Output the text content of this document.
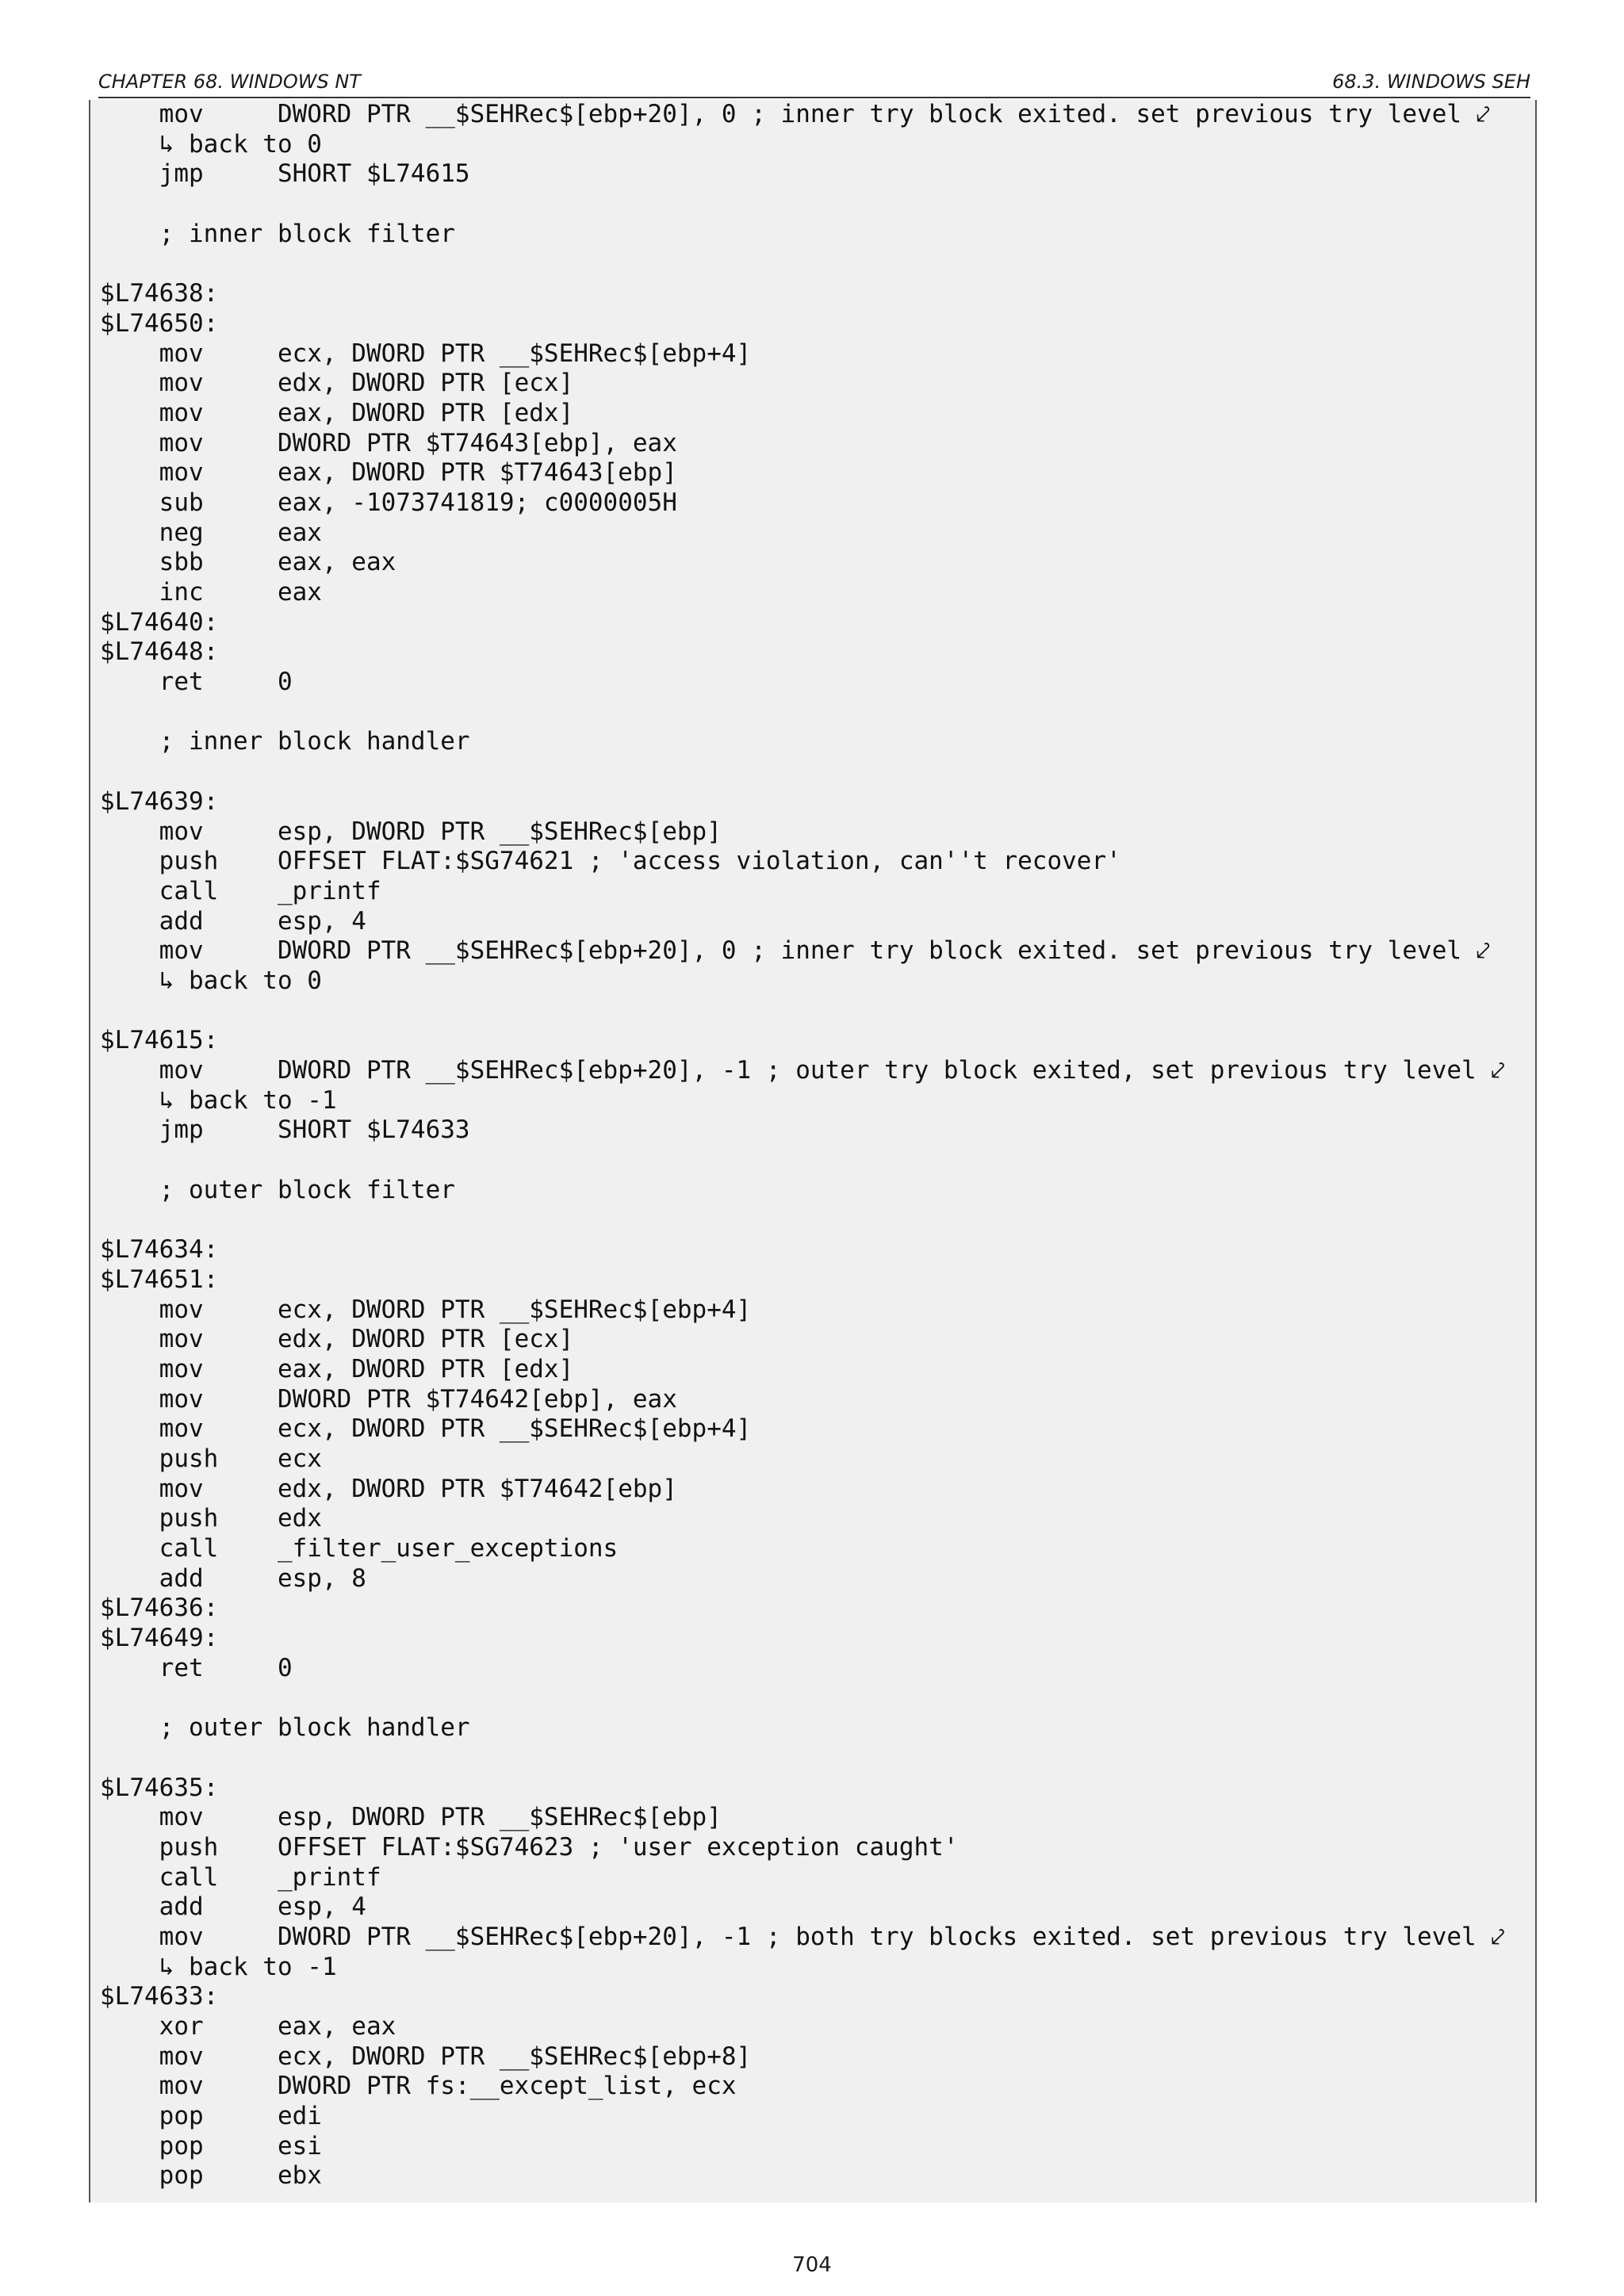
CHAPTER 68. WINDOWS NT	68.3. WINDOWS SEH
mov     DWORD PTR __$SEHRec$[ebp+20], 0 ; inner try block exited. set previous try level ⤦
↳ back to 0
jmp     SHORT $L74615

; inner block filter

$L74638:
$L74650:
mov     ecx, DWORD PTR __$SEHRec$[ebp+4]
mov     edx, DWORD PTR [ecx]
mov     eax, DWORD PTR [edx]
mov     DWORD PTR $T74643[ebp], eax
mov     eax, DWORD PTR $T74643[ebp]
sub     eax, -1073741819; c0000005H
neg     eax
sbb     eax, eax
inc     eax
$L74640:
$L74648:
ret     0

; inner block handler

$L74639:
mov     esp, DWORD PTR __$SEHRec$[ebp]
push    OFFSET FLAT:$SG74621 ; 'access violation, can''t recover'
call    _printf
add     esp, 4
mov     DWORD PTR __$SEHRec$[ebp+20], 0 ; inner try block exited. set previous try level ⤦
↳ back to 0

$L74615:
mov     DWORD PTR __$SEHRec$[ebp+20], -1 ; outer try block exited, set previous try level ⤦
↳ back to -1
jmp     SHORT $L74633

; outer block filter

$L74634:
$L74651:
mov     ecx, DWORD PTR __$SEHRec$[ebp+4]
mov     edx, DWORD PTR [ecx]
mov     eax, DWORD PTR [edx]
mov     DWORD PTR $T74642[ebp], eax
mov     ecx, DWORD PTR __$SEHRec$[ebp+4]
push    ecx
mov     edx, DWORD PTR $T74642[ebp]
push    edx
call    _filter_user_exceptions
add     esp, 8
$L74636:
$L74649:
ret     0

; outer block handler

$L74635:
mov     esp, DWORD PTR __$SEHRec$[ebp]
push    OFFSET FLAT:$SG74623 ; 'user exception caught'
call    _printf
add     esp, 4
mov     DWORD PTR __$SEHRec$[ebp+20], -1 ; both try blocks exited. set previous try level ⤦
↳ back to -1
$L74633:
xor     eax, eax
mov     ecx, DWORD PTR __$SEHRec$[ebp+8]
mov     DWORD PTR fs:__except_list, ecx
pop     edi
pop     esi
pop     ebx
704
